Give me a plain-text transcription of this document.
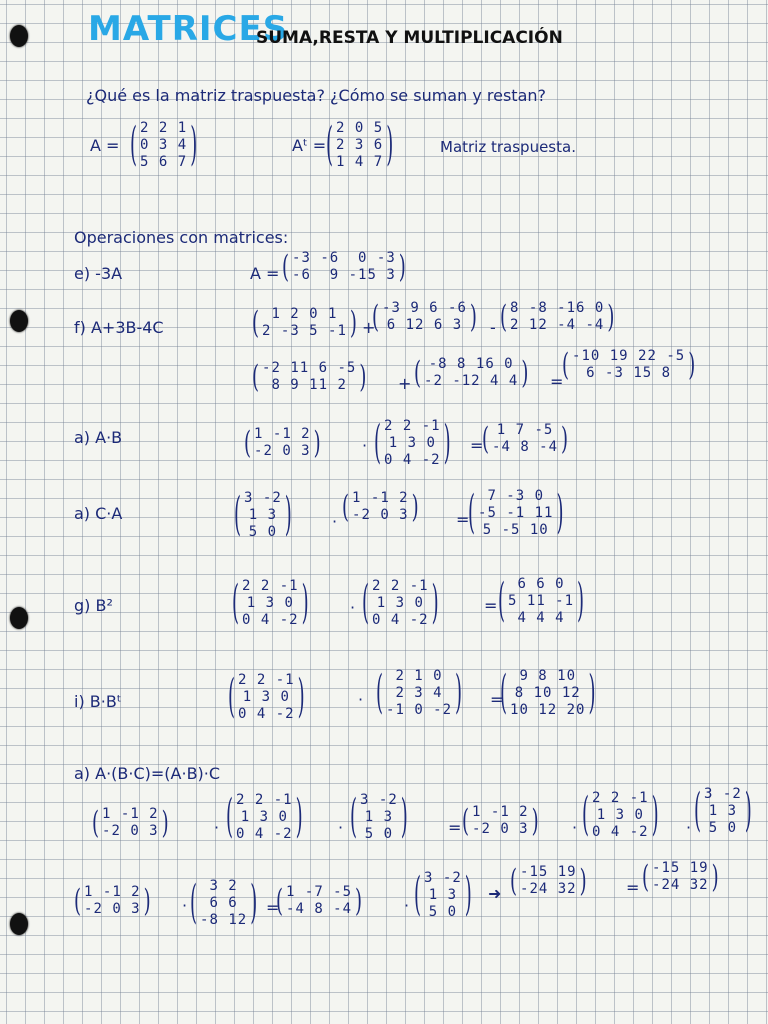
MATRICES
SUMA,RESTA Y MULTIPLICACIÓN
¿Qué es la matriz traspuesta? ¿Cómo se suman y restan?
A = ( 2 2 1
0 3 4
5 6 7 )	Aᵗ = ( 2 0 5
2 3 6
1 4 7 )	Matriz traspuesta.
Operaciones con matrices:
e) -3A	A = ( -3 -6  0 -3
-6  9 -15 3 )
f) A+3B-4C	( 1 2 0 1
2 -3 5 -1 ) +
( -3 9 6 -6
6 12 6 3 ) - ( 8 -8 -16 0
2 12 -4 -4 )
( -2 11 6 -5
8 9 11 2 ) + ( -8 8 16 0
-2 -12 4 4 ) =
( -10 19 22 -5
6 -3 15 8 )
a) A·B	( 1 -1 2
-2 0 3 )	· ( 2 2 -1
1 3 0
0 4 -2 ) =
( 1 7 -5
-4 8 -4 )
a) C·A	( 3 -2
1 3
5 0 )	· ( 1 -1 2
-2 0 3 ) =
( 7 -3 0
-5 -1 11
5 -5 10 )
g) B²	( 2 2 -1
1 3 0
0 4 -2 )	· ( 2 2 -1
1 3 0
0 4 -2 )	= ( 6 6 0
5 11 -1
4 4 4 )
i) B·Bᵗ	( 2 2 -1
1 3 0
0 4 -2 )	· ( 2 1 0
2 3 4
-1 0 -2 ) =
( 9 8 10
8 10 12
10 12 20 )
a) A·(B·C)=(A·B)·C
( 1 -1 2
-2 0 3 )	· ( 2 2 -1
1 3 0
0 4 -2 ) · ( 3 -2
1 3
5 0 )	= ( 1 -1 2
-2 0 3 ) · ( 2 2 -1
1 3 0
0 4 -2 ) · ( 3 -2
1 3
5 0 )
( 1 -1 2
-2 0 3 ) · ( 3 2
6 6
-8 12 ) =
( 1 -7 -5
-4 8 -4 )	· ( 3 -2
1 3
5 0 ) ➜ ( -15 19
-24 32 ) = ( -15 19
-24 32 )
